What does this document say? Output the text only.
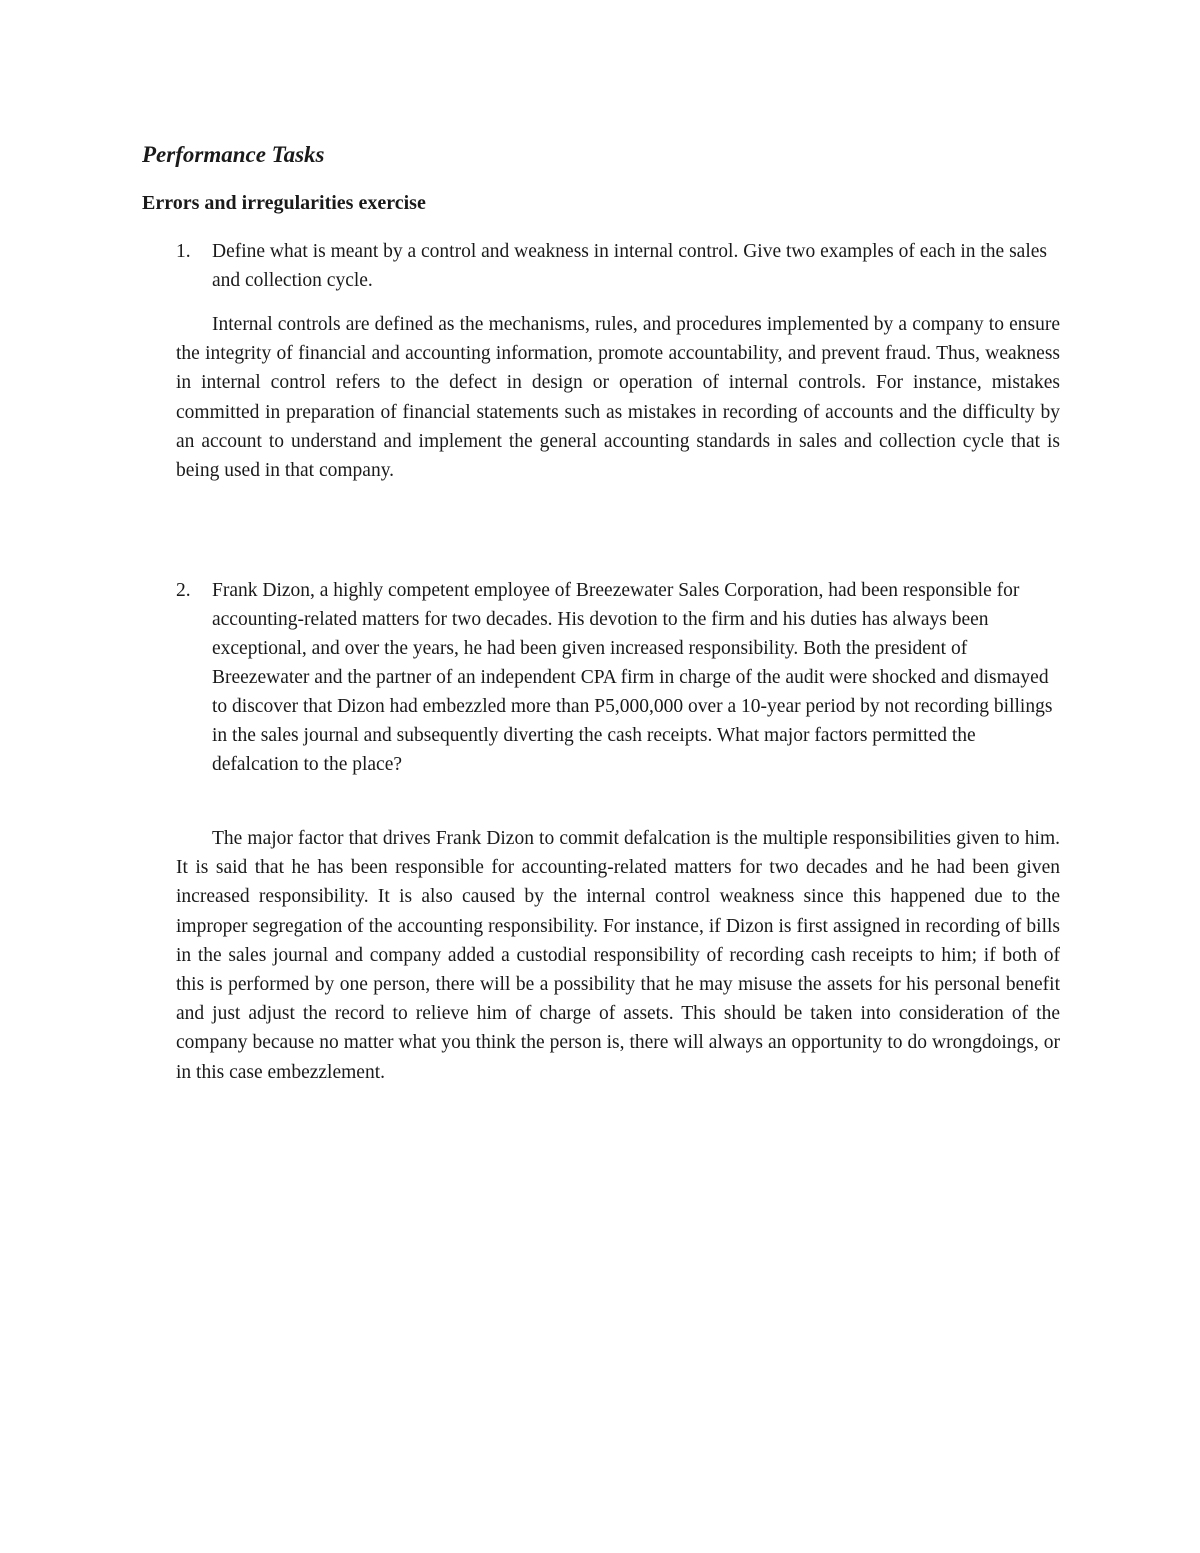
Performance Tasks
Errors and irregularities exercise
1. Define what is meant by a control and weakness in internal control. Give two examples of each in the sales and collection cycle.

Internal controls are defined as the mechanisms, rules, and procedures implemented by a company to ensure the integrity of financial and accounting information, promote accountability, and prevent fraud. Thus, weakness in internal control refers to the defect in design or operation of internal controls. For instance, mistakes committed in preparation of financial statements such as mistakes in recording of accounts and the difficulty by an account to understand and implement the general accounting standards in sales and collection cycle that is being used in that company.

2. Frank Dizon, a highly competent employee of Breezewater Sales Corporation, had been responsible for accounting-related matters for two decades. His devotion to the firm and his duties has always been exceptional, and over the years, he had been given increased responsibility. Both the president of Breezewater and the partner of an independent CPA firm in charge of the audit were shocked and dismayed to discover that Dizon had embezzled more than P5,000,000 over a 10-year period by not recording billings in the sales journal and subsequently diverting the cash receipts. What major factors permitted the defalcation to the place?

The major factor that drives Frank Dizon to commit defalcation is the multiple responsibilities given to him. It is said that he has been responsible for accounting-related matters for two decades and he had been given increased responsibility. It is also caused by the internal control weakness since this happened due to the improper segregation of the accounting responsibility. For instance, if Dizon is first assigned in recording of bills in the sales journal and company added a custodial responsibility of recording cash receipts to him; if both of this is performed by one person, there will be a possibility that he may misuse the assets for his personal benefit and just adjust the record to relieve him of charge of assets. This should be taken into consideration of the company because no matter what you think the person is, there will always an opportunity to do wrongdoings, or in this case embezzlement.
